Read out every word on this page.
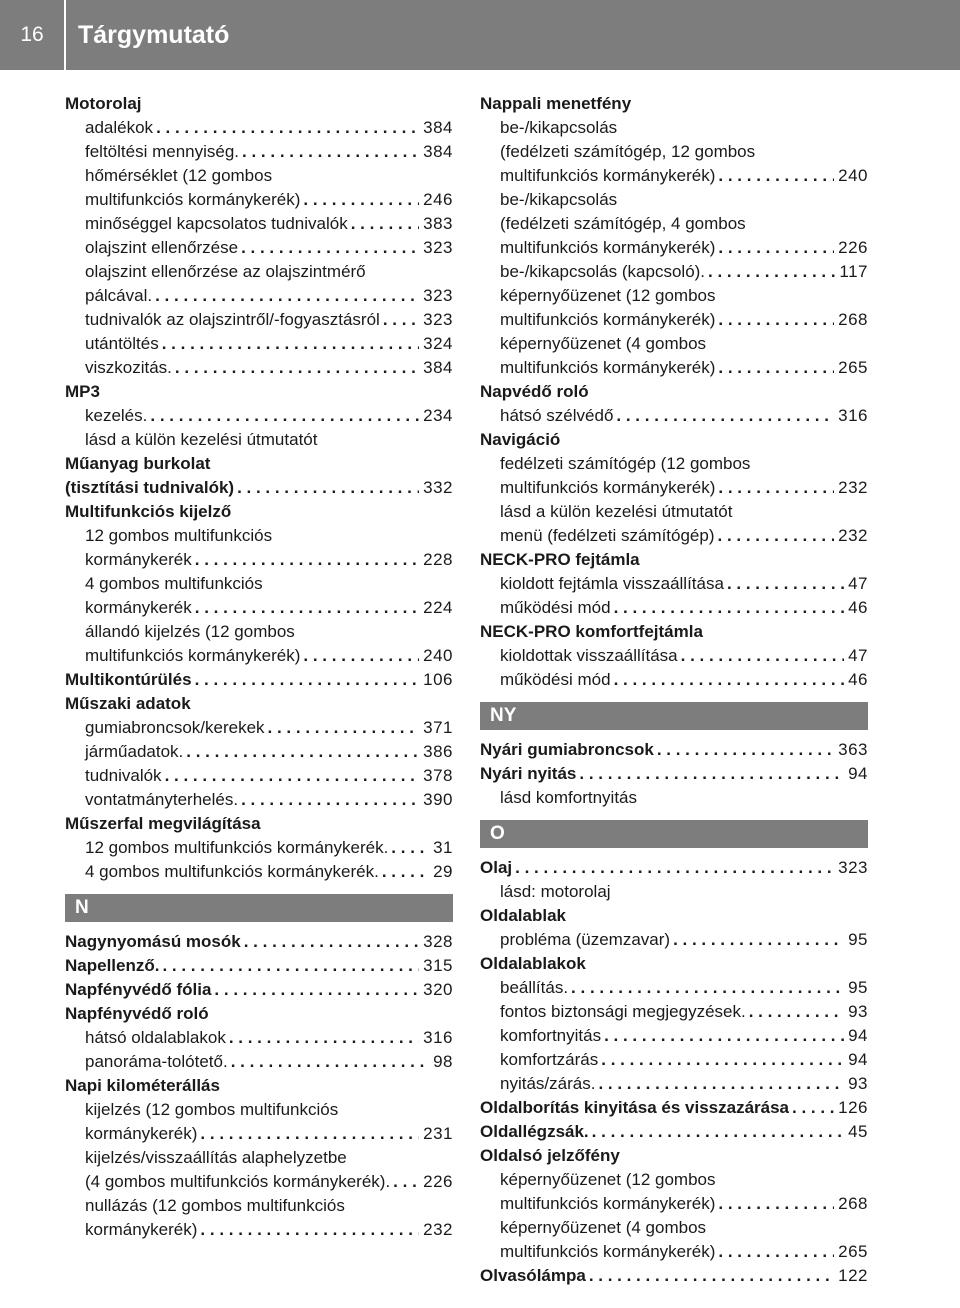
16	Tárgymutató
Motorolaj
adalékok . . .	384
feltöltési mennyiség. . . .	384
hőmérséklet (12 gombos
multifunkciós kormánykerék) . . .	246
minőséggel kapcsolatos tudnivalók . . .	383
olajszint ellenőrzése . . .	323
olajszint ellenőrzése az olajszintmérő
pálcával. . . .	323
tudnivalók az olajszintről/-fogyasztásról . . .	323
utántöltés . . .	324
viszkozitás. . . .	384
MP3
kezelés. . . .	234
lásd a külön kezelési útmutatót
Műanyag burkolat
(tisztítási tudnivalók) . . .	332
Multifunkciós kijelző
12 gombos multifunkciós
kormánykerék . . .	228
4 gombos multifunkciós
kormánykerék . . .	224
állandó kijelzés (12 gombos
multifunkciós kormánykerék) . . .	240
Multikontúrülés . . .	106
Műszaki adatok
gumiabroncsok/kerekek . . .	371
járműadatok. . . .	386
tudnivalók . . .	378
vontatmányterhelés. . . .	390
Műszerfal megvilágítása
12 gombos multifunkciós kormánykerék. . . .	31
4 gombos multifunkciós kormánykerék. . . .	29
N
Nagynyomású mosók . . .	328
Napellenző. . . .	315
Napfényvédő fólia . . .	320
Napfényvédő roló
hátsó oldalablakok . . .	316
panoráma-tolótető. . . .	98
Napi kilométerállás
kijelzés (12 gombos multifunkciós
kormánykerék) . . .	231
kijelzés/visszaállítás alaphelyzetbe
(4 gombos multifunkciós kormánykerék). . . . 226
nullázás (12 gombos multifunkciós
kormánykerék) . . .	232
Nappali menetfény
be-/kikapcsolás
(fedélzeti számítógép, 12 gombos
multifunkciós kormánykerék) . . .	240
be-/kikapcsolás
(fedélzeti számítógép, 4 gombos
multifunkciós kormánykerék) . . .	226
be-/kikapcsolás (kapcsoló). . . .	117
képernyőüzenet (12 gombos
multifunkciós kormánykerék) . . .	268
képernyőüzenet (4 gombos
multifunkciós kormánykerék) . . .	265
Napvédő roló
hátsó szélvédő . . .	316
Navigáció
fedélzeti számítógép (12 gombos
multifunkciós kormánykerék) . . .	232
lásd a külön kezelési útmutatót
menü (fedélzeti számítógép) . . .	232
NECK-PRO fejtámla
kioldott fejtámla visszaállítása . . .	47
működési mód . . .	46
NECK-PRO komfortfejtámla
kioldottak visszaállítása . . .	47
működési mód . . .	46
NY
Nyári gumiabroncsok . . .	363
Nyári nyitás . . .	94
lásd komfortnyitás
O
Olaj . . .	323
lásd: motorolaj
Oldalablak
probléma (üzemzavar) . . .	95
Oldalablakok
beállítás. . . .	95
fontos biztonsági megjegyzések. . . .	93
komfortnyitás . . .	94
komfortzárás . . .	94
nyitás/zárás. . . .	93
Oldalborítás kinyitása és visszazárása . . .	126
Oldallégzsák. . . .	45
Oldalsó jelzőfény
képernyőüzenet (12 gombos
multifunkciós kormánykerék) . . .	268
képernyőüzenet (4 gombos
multifunkciós kormánykerék) . . .	265
Olvasólámpa . . .	122
